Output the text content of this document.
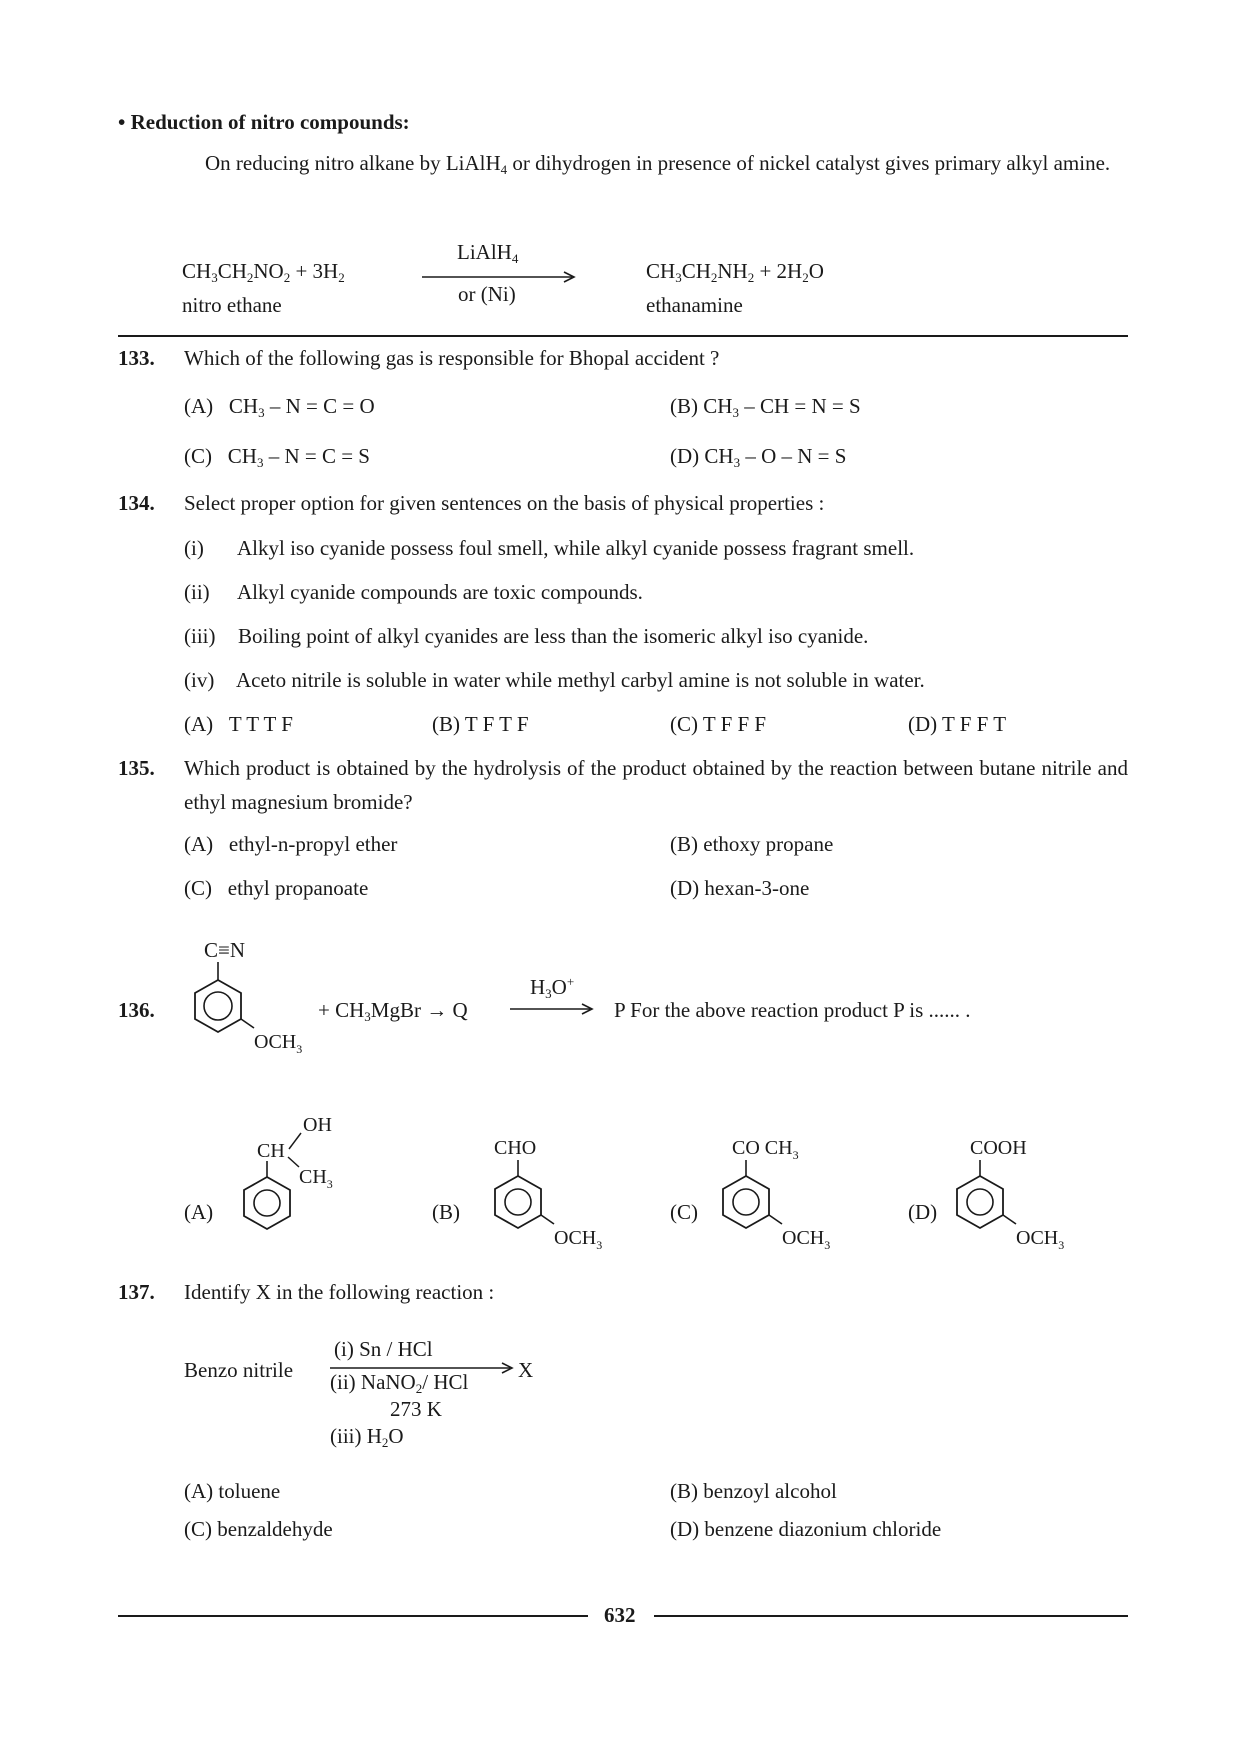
• Reduction of nitro compounds:
On reducing nitro alkane by LiAlH$_4$ or dihydrogen in presence of nickel catalyst gives primary alkyl amine.
$CH_3CH_2NO_2 + 3H_2$
nitro ethane
LiAlH$_4$
or (Ni)
$CH_3CH_2NH_2 + 2H_2O$
ethanamine
133. Which of the following gas is responsible for Bhopal accident ?
(A)   $CH_3 - N = C = O$	(B) $CH_3$ – CH = N = S
(C)   $CH_3 - N = C = S$	(D) $CH_3 - O - N = S$
134. Select proper option for given sentences on the basis of physical properties :
(i) Alkyl iso cyanide possess foul smell, while alkyl cyanide possess fragrant smell.
(ii) Alkyl cyanide compounds are toxic compounds.
(iii) Boiling point of alkyl cyanides are less than the isomeric alkyl iso cyanide.
(iv) Aceto nitrile is soluble in water while methyl carbyl amine is not soluble in water.
(A) T T T F	(B) T F T F	(C) T F F F	(D) T F F T
135. Which product is obtained by the hydrolysis of the product obtained by the reaction between butane nitrile and ethyl magnesium bromide?
(A) ethyl-n-propyl ether	(B) ethoxy propane
(C) ethyl propanoate	(D) hexan-3-one
136.
C≡N
$OCH_3$
+ $CH_3MgBr \to Q$
$H_3O^+$
P For the above reaction product P is ...... .
(A)
OH
CH
$CH_3$
(B)
CHO
$OCH_3$
(C)
CO $CH_3$
$OCH_3$
(D)
COOH
$OCH_3$
137. Identify X in the following reaction :
Benzo nitrile
(i) Sn / HCl
X
(ii) NaNO$_2$/ HCl
273 K
(iii) $H_2O$
(A) toluene	(B) benzoyl alcohol
(C) benzaldehyde	(D) benzene diazonium chloride
632
